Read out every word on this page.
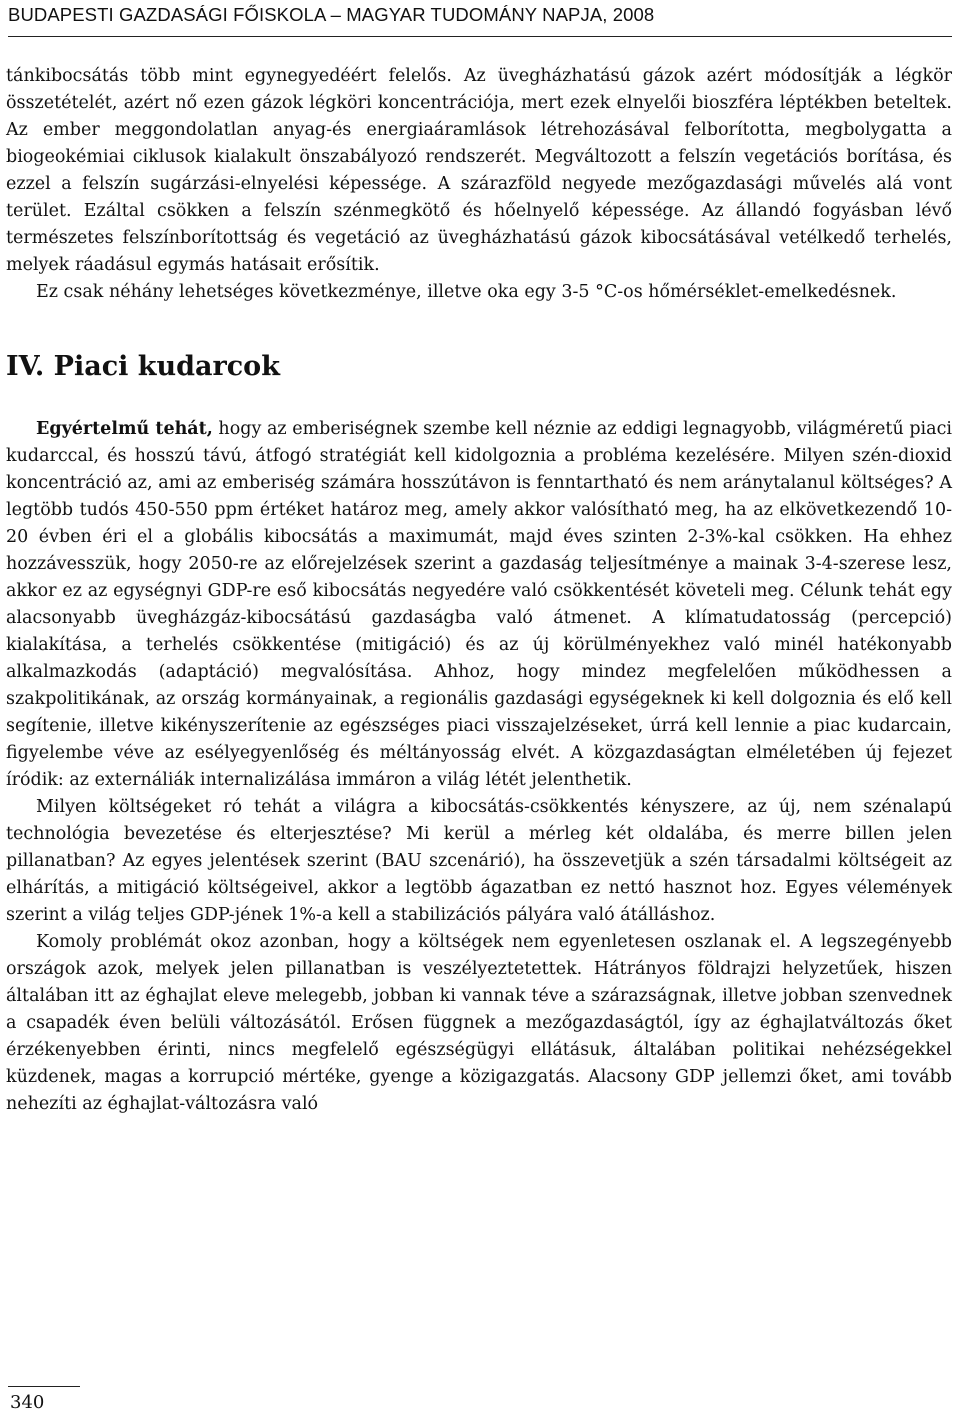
BUDAPESTI GAZDASÁGI FŐISKOLA – MAGYAR TUDOMÁNY NAPJA, 2008

tánkibocsátás több mint egynegyedéért felelős. Az üvegházhatású gázok azért módosítják a légkör összetételét, azért nő ezen gázok légköri koncentrációja, mert ezek elnyelői bioszféra léptékben beteltek. Az ember meggondolatlan anyag-és energiaáramlások létrehozásával felborította, megbolygatta a biogeokémiai ciklusok kialakult önszabályozó rendszerét. Megváltozott a felszín vegetációs borítása, és ezzel a felszín sugárzási-elnyelési képessége. A szárazföld negyede mezőgazdasági művelés alá vont terület. Ezáltal csökken a felszín szénmegkötő és hőelnyelő képessége. Az állandó fogyásban lévő természetes felszínborítottság és vegetáció az üvegházhatású gázok kibocsátásával vetélkedő terhelés, melyek ráadásul egymás hatásait erősítik.

Ez csak néhány lehetséges következménye, illetve oka egy 3-5 °C-os hőmérséklet-emelkedésnek.

IV. Piaci kudarcok

Egyértelmű tehát, hogy az emberiségnek szembe kell néznie az eddigi legnagyobb, világméretű piaci kudarccal, és hosszú távú, átfogó stratégiát kell kidolgoznia a probléma kezelésére. Milyen szén-dioxid koncentráció az, ami az emberiség számára hosszútávon is fenntartható és nem aránytalanul költséges? A legtöbb tudós 450-550 ppm értéket határoz meg, amely akkor valósítható meg, ha az elkövetkezendő 10-20 évben éri el a globális kibocsátás a maximumát, majd éves szinten 2-3%-kal csökken. Ha ehhez hozzávesszük, hogy 2050-re az előrejelzések szerint a gazdaság teljesítménye a mainak 3-4-szerese lesz, akkor ez az egységnyi GDP-re eső kibocsátás negyedére való csökkentését követeli meg. Célunk tehát egy alacsonyabb üvegházgáz-kibocsátású gazdaságba való átmenet. A klímatudatosság (percepció) kialakítása, a terhelés csökkentése (mitigáció) és az új körülményekhez való minél hatékonyabb alkalmazkodás (adaptáció) megvalósítása. Ahhoz, hogy mindez megfelelően működhessen a szakpolitikának, az ország kormányainak, a regionális gazdasági egységeknek ki kell dolgoznia és elő kell segítenie, illetve kikényszerítenie az egészséges piaci visszajelzéseket, úrrá kell lennie a piac kudarcain, figyelembe véve az esélyegyenlőség és méltányosság elvét. A közgazdaságtan elméletében új fejezet íródik: az externáliák internalizálása immáron a világ létét jelenthetik.

Milyen költségeket ró tehát a világra a kibocsátás-csökkentés kényszere, az új, nem szénalapú technológia bevezetése és elterjesztése? Mi kerül a mérleg két oldalába, és merre billen jelen pillanatban? Az egyes jelentések szerint (BAU szcenárió), ha összevetjük a szén társadalmi költségeit az elhárítás, a mitigáció költségeivel, akkor a legtöbb ágazatban ez nettó hasznot hoz. Egyes vélemények szerint a világ teljes GDP-jének 1%-a kell a stabilizációs pályára való átálláshoz.

Komoly problémát okoz azonban, hogy a költségek nem egyenletesen oszlanak el. A legszegényebb országok azok, melyek jelen pillanatban is veszélyeztetettek. Hátrányos földrajzi helyzetűek, hiszen általában itt az éghajlat eleve melegebb, jobban ki vannak téve a szárazságnak, illetve jobban szenvednek a csapadék éven belüli változásától. Erősen függnek a mezőgazdaságtól, így az éghajlatváltozás őket érzékenyebben érinti, nincs megfelelő egészségügyi ellátásuk, általában politikai nehézségekkel küzdenek, magas a korrupció mértéke, gyenge a közigazgatás. Alacsony GDP jellemzi őket, ami tovább nehezíti az éghajlat-változásra való

340
